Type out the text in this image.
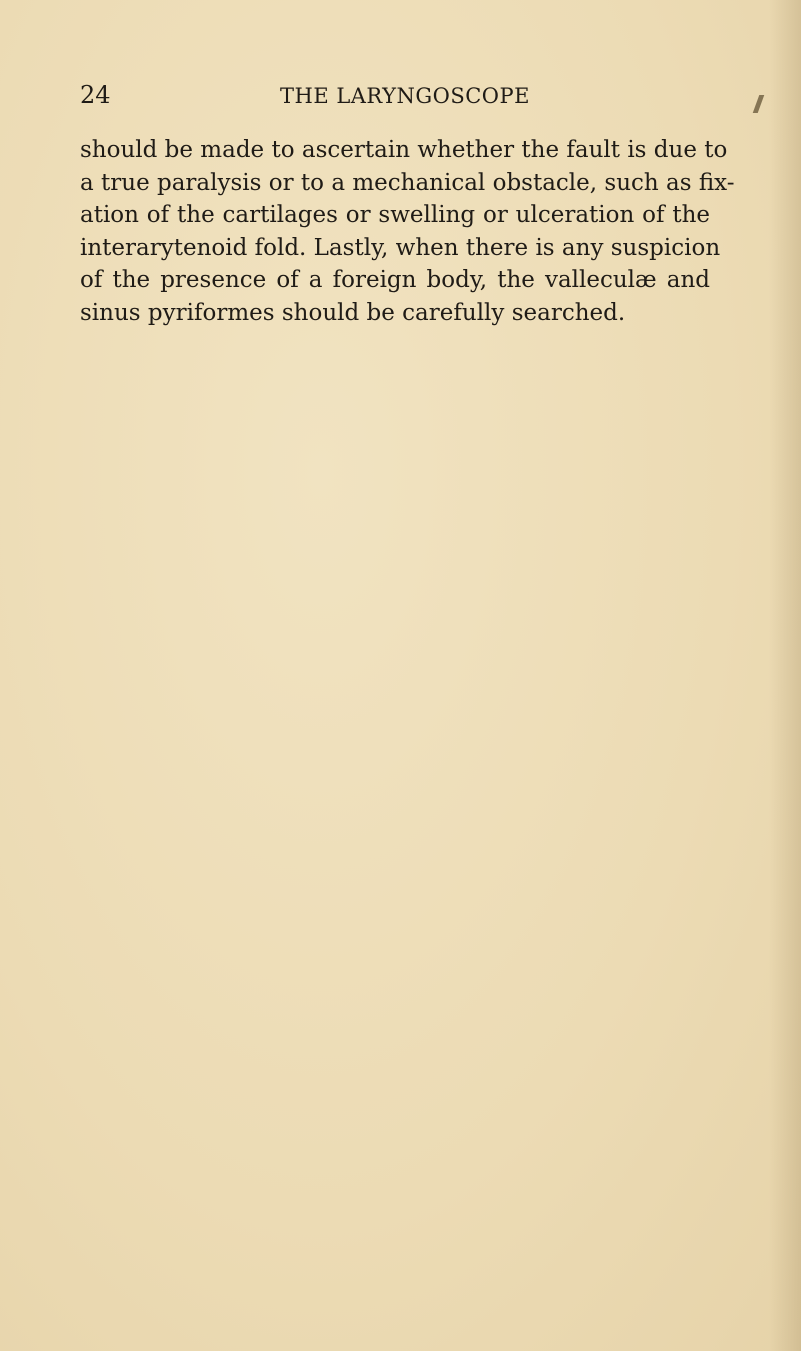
24	THE LARYNGOSCOPE
should be made to ascertain whether the fault is due to
a true paralysis or to a mechanical obstacle, such as fix-
ation of the cartilages or swelling or ulceration of the
interarytenoid fold. Lastly, when there is any suspicion
of the presence of a foreign body, the valleculæ and
sinus pyriformes should be carefully searched.
